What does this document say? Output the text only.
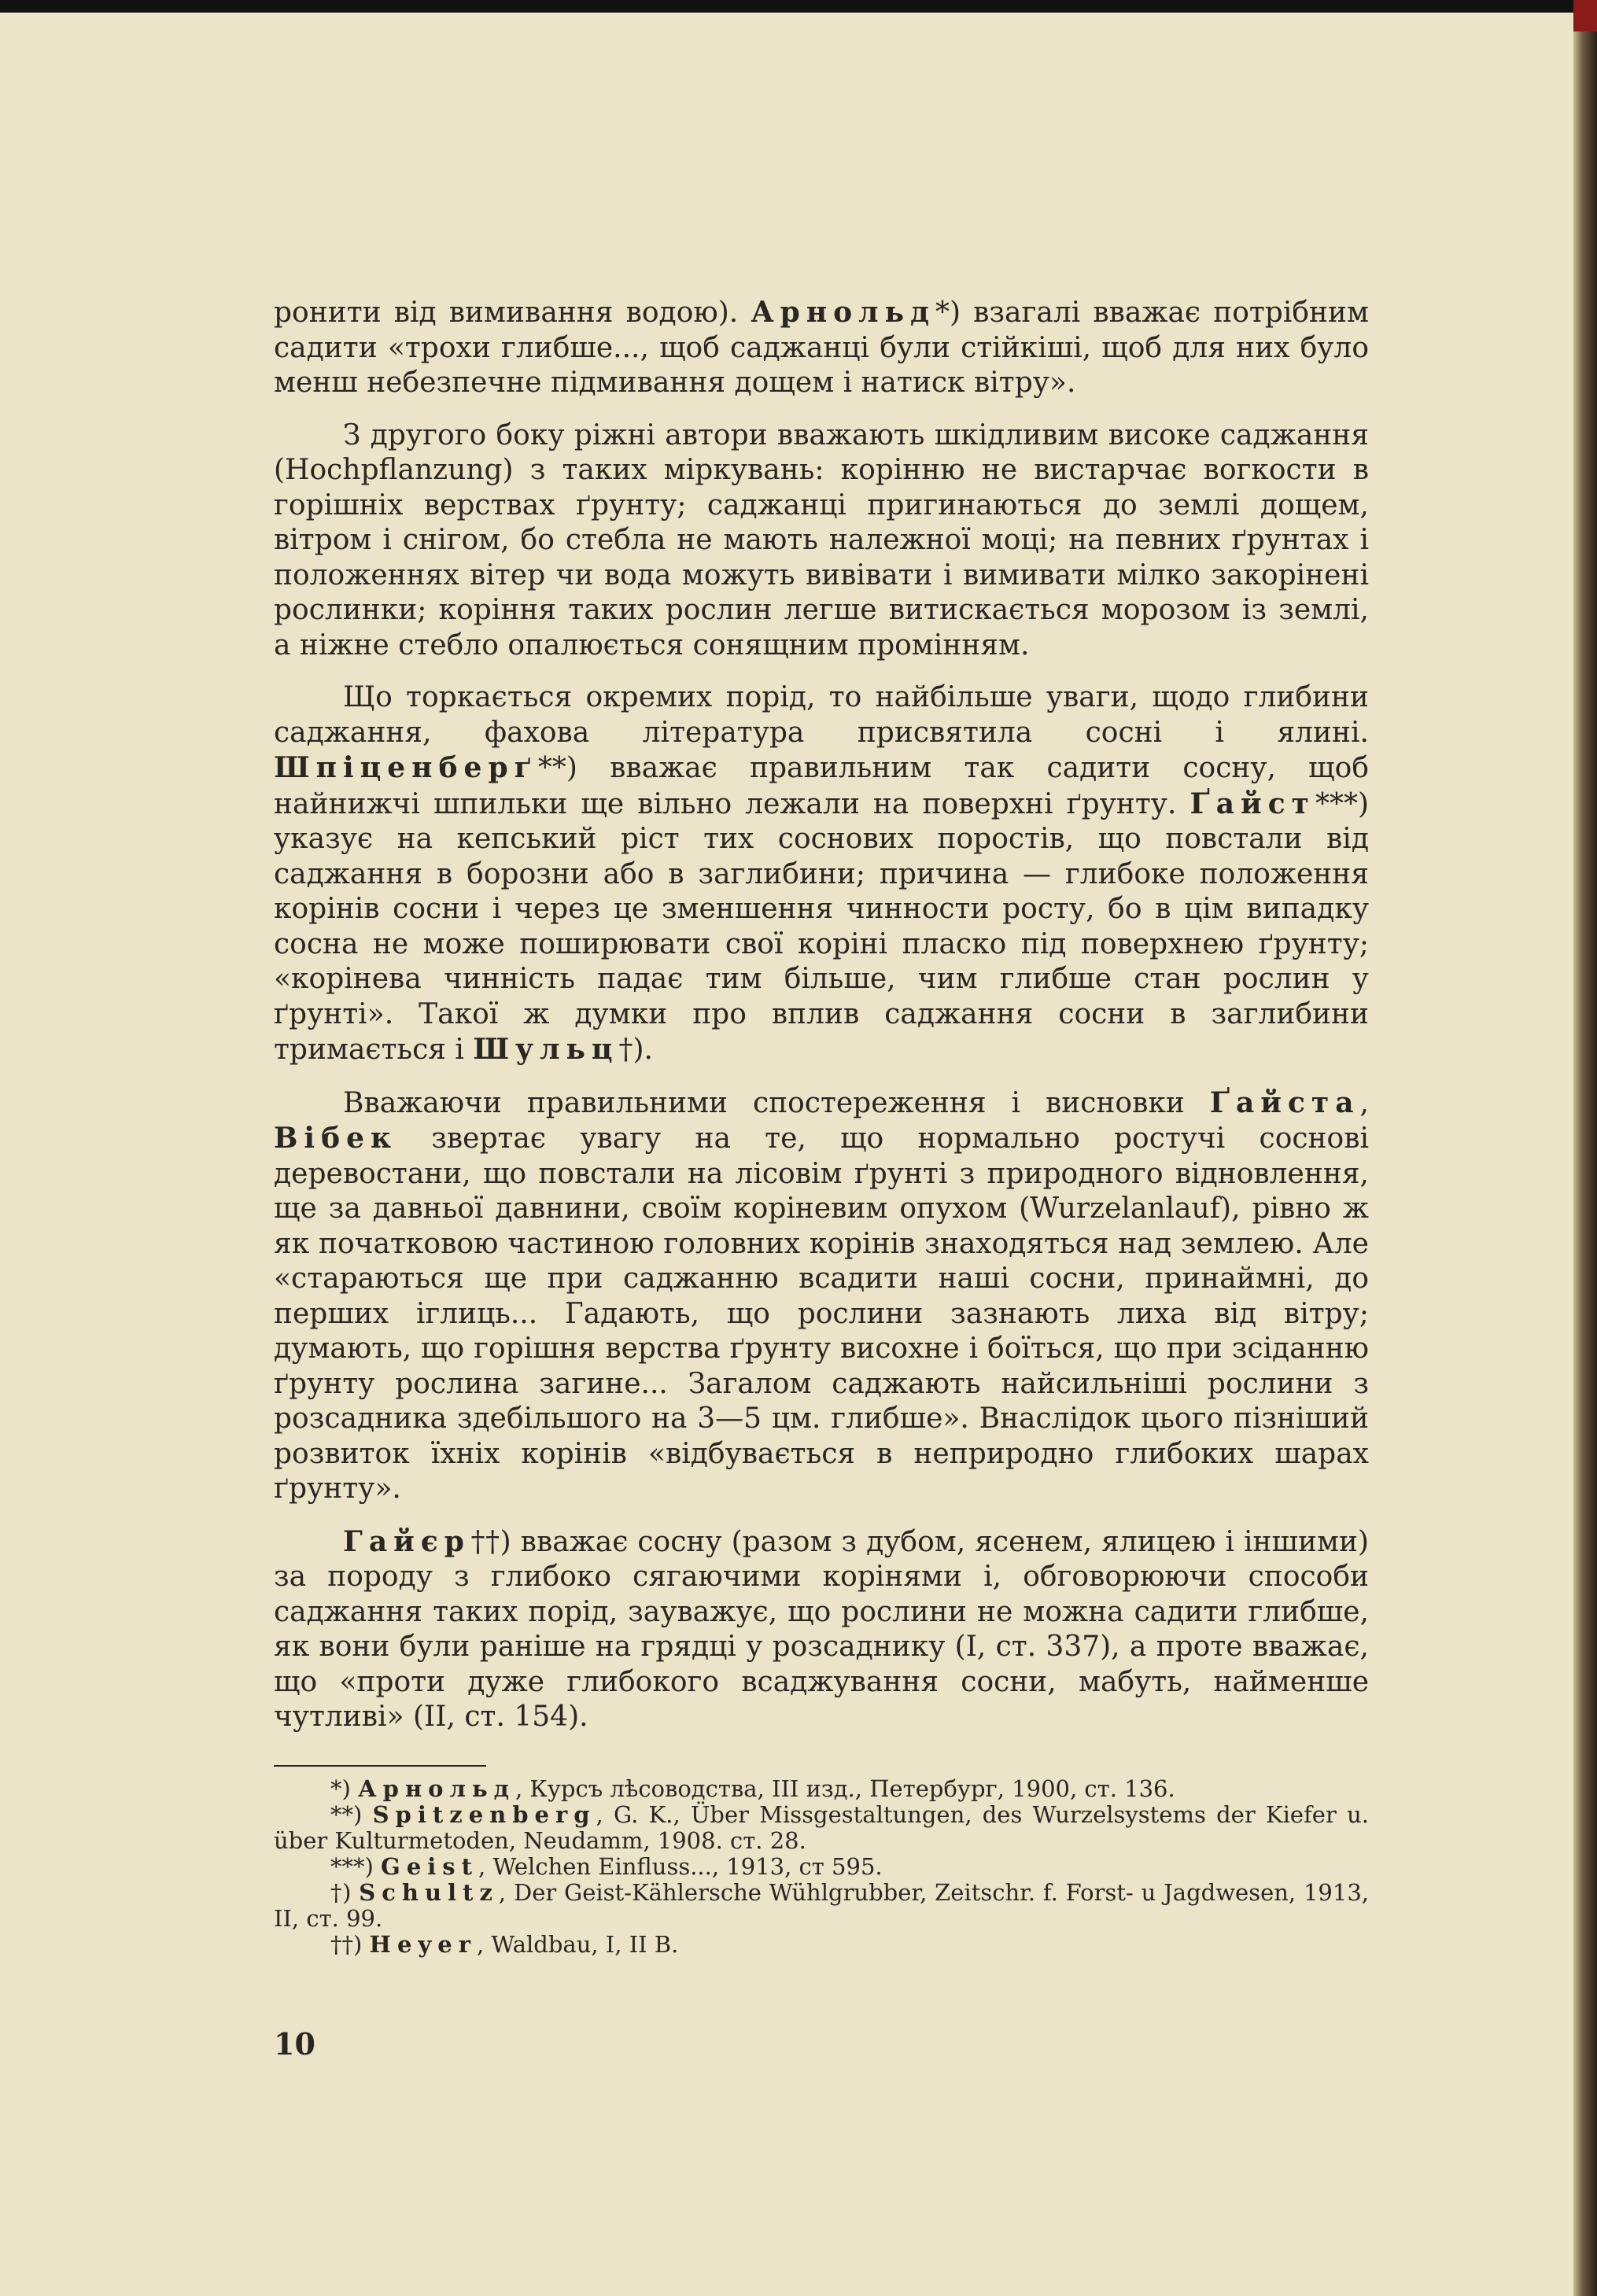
ронити від вимивання водою). Арнольд*) взагалі вважає потрібним садити «трохи глибше..., щоб саджанці були стійкіші, щоб для них було менш небезпечне підмивання дощем і натиск вітру».

З другого боку ріжні автори вважають шкідливим високе саджання (Hochpflanzung) з таких міркувань: корінню не вистарчає вогкости в горішніх верствах ґрунту; саджанці пригинаються до землі дощем, вітром і снігом, бо стебла не мають належної моці; на певних ґрунтах і положеннях вітер чи вода можуть вивівати і вимивати мілко закорінені рослинки; коріння таких рослин легше витискається морозом із землі, а ніжне стебло опалюється сонящним промінням.

Що торкається окремих порід, то найбільше уваги, щодо глибини саджання, фахова література присвятила сосні і ялині. Шпіценберґ**) вважає правильним так садити сосну, щоб найнижчі шпильки ще вільно лежали на поверхні ґрунту. Ґайст***) указує на кепський ріст тих соснових поростів, що повстали від саджання в борозни або в заглибини; причина — глибоке положення корінів сосни і через це зменшення чинности росту, бо в цім випадку сосна не може поширювати свої коріні пласко під поверхнею ґрунту; «корінева чинність падає тим більше, чим глибше стан рослин у ґрунті». Такої ж думки про вплив саджання сосни в заглибини тримається і Шульц†).

Вважаючи правильними спостереження і висновки Ґайста, Вібек звертає увагу на те, що нормально ростучі соснові деревостани, що повстали на лісовім ґрунті з природного відновлення, ще за давньої давнини, своїм коріневим опухом (Wurzelanlauf), рівно ж як початковою частиною головних корінів знаходяться над землею. Але «стараються ще при саджанню всадити наші сосни, принаймні, до перших іглиць... Гадають, що рослини зазнають лиха від вітру; думають, що горішня верства ґрунту висохне і боїться, що при зсіданню ґрунту рослина загине... Загалом саджають найсильніші рослини з розсадника здебільшого на 3—5 цм. глибше». Внаслідок цього пізніший розвиток їхніх корінів «відбувається в неприродно глибоких шарах ґрунту».

Гайєр††) вважає сосну (разом з дубом, ясенем, ялицею і іншими) за породу з глибоко сягаючими корінями і, обговорюючи способи саджання таких порід, зауважує, що рослини не можна садити глибше, як вони були раніше на грядці у розсаднику (I, ст. 337), а проте вважає, що «проти дуже глибокого всаджування сосни, мабуть, найменше чутливі» (II, ст. 154).

*) Арнольд, Курсъ лѣсоводства, III изд., Петербург, 1900, ст. 136.

**) Spitzenberg, G. K., Über Missgestaltungen, des Wurzelsystems der Kiefer u. über Kulturmetoden, Neudamm, 1908. ст. 28.

***) Geist, Welchen Einfluss..., 1913, ст 595.

†) Schultz, Der Geist-Kählersche Wühlgrubber, Zeitschr. f. Forst- u Jagdwesen, 1913, II, ст. 99.

††) Heyer, Waldbau, I, II B.

10
